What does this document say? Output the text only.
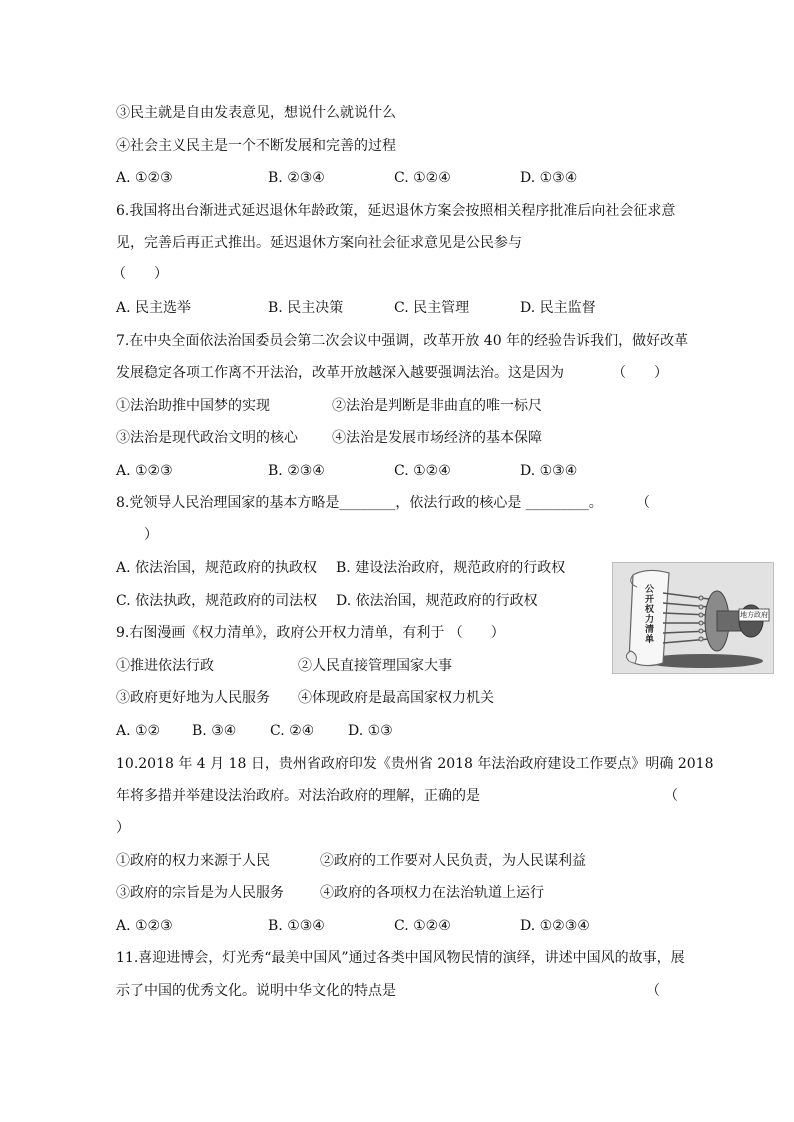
③民主就是自由发表意见，想说什么就说什么
④社会主义民主是一个不断发展和完善的过程
A. ①②③	B. ②③④	C. ①②④	D. ①③④
6.我国将出台渐进式延迟退休年龄政策，延迟退休方案会按照相关程序批准后向社会征求意
见，完善后再正式推出。延迟退休方案向社会征求意见是公民参与
（　　）
A. 民主选举	B. 民主决策	C. 民主管理	D. 民主监督
7.在中央全面依法治国委员会第二次会议中强调，改革开放 40 年的经验告诉我们，做好改革
发展稳定各项工作离不开法治，改革开放越深入越要强调法治。这是因为	（　　）
①法治助推中国梦的实现	②法治是判断是非曲直的唯一标尺
③法治是现代政治文明的核心 ④法治是发展市场经济的基本保障
A. ①②③	B. ②③④	C. ①②④	D. ①③④
8.党领导人民治理国家的基本方略是________，依法行政的核心是 _________。 （
）
A. 依法治国，规范政府的执政权 B. 建设法治政府，规范政府的行政权
C. 依法执政，规范政府的司法权 D. 依法治国，规范政府的行政权
公开权力清单
地方政府
9.右图漫画《权力清单》，政府公开权力清单，有利于 （　　）
①推进依法行政	②人民直接管理国家大事
③政府更好地为人民服务 ④体现政府是最高国家权力机关
A. ①② B. ③④ C. ②④ D. ①③
10.2018 年 4 月 18 日，贵州省政府印发《贵州省 2018 年法治政府建设工作要点》明确 2018
年将多措并举建设法治政府。对法治政府的理解，正确的是	（
）
①政府的权力来源于人民	②政府的工作要对人民负责，为人民谋利益
③政府的宗旨是为人民服务	④政府的各项权力在法治轨道上运行
A. ①②③	B. ①③④	C. ①②④	D. ①②③④
11.喜迎进博会，灯光秀“最美中国风”通过各类中国风物民情的演绎，讲述中国风的故事，展
示了中国的优秀文化。说明中华文化的特点是	（
